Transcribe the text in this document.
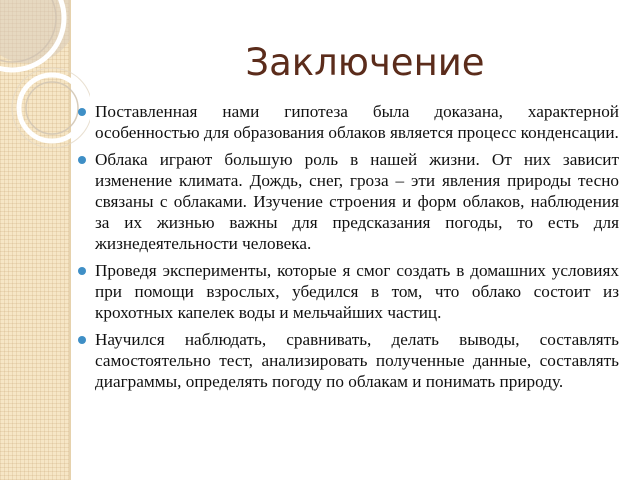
Заключение
Поставленная нами гипотеза была доказана, характерной особенностью для образования облаков является процесс конденсации.
Облака играют большую роль в нашей жизни. От них зависит изменение климата. Дождь, снег, гроза – эти явления природы тесно связаны с облаками. Изучение строения и форм облаков, наблюдения за их жизнью важны для предсказания погоды, то есть для жизнедеятельности человека.
Проведя эксперименты, которые я смог создать в домашних условиях при помощи взрослых, убедился в том, что облако состоит из крохотных капелек воды и мельчайших частиц.
Научился наблюдать, сравнивать, делать выводы, составлять самостоятельно тест, анализировать полученные данные, составлять диаграммы, определять погоду по облакам и понимать природу.
